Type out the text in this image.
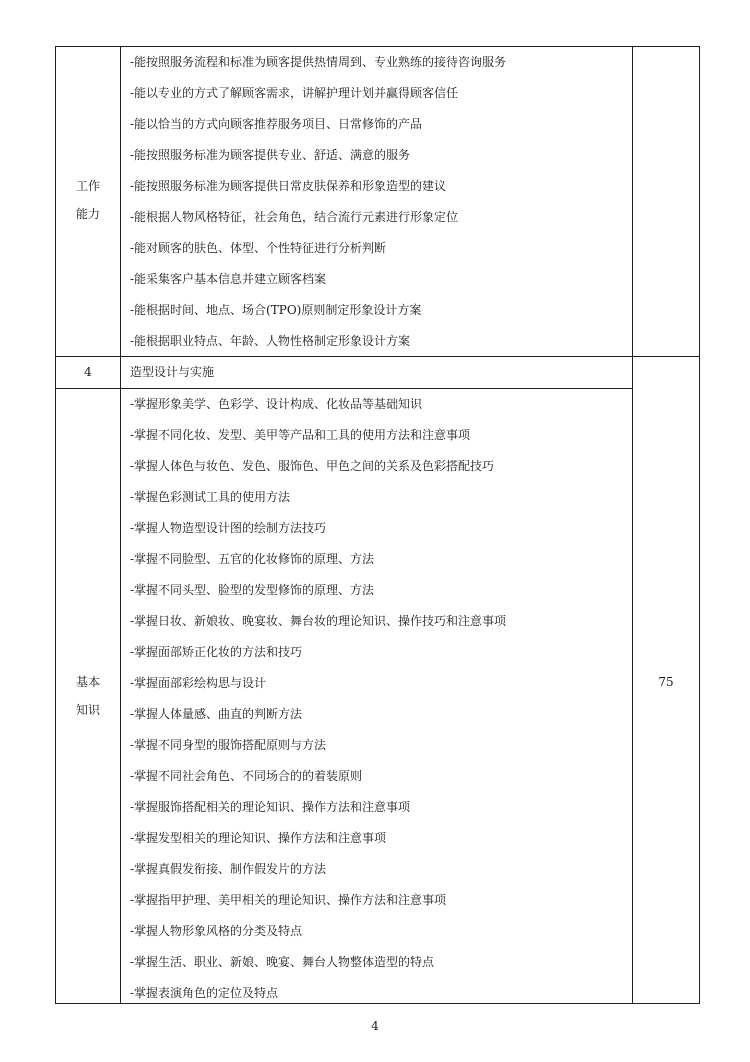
工作
能力
-能按照服务流程和标准为顾客提供热情周到、专业熟练的接待咨询服务
-能以专业的方式了解顾客需求，讲解护理计划并赢得顾客信任
-能以恰当的方式向顾客推荐服务项目、日常修饰的产品
-能按照服务标准为顾客提供专业、舒适、满意的服务
-能按照服务标准为顾客提供日常皮肤保养和形象造型的建议
-能根据人物风格特征，社会角色，结合流行元素进行形象定位
-能对顾客的肤色、体型、个性特征进行分析判断
-能采集客户基本信息并建立顾客档案
-能根据时间、地点、场合(TPO)原则制定形象设计方案
-能根据职业特点、年龄、人物性格制定形象设计方案
4	造型设计与实施
75
基本
知识
-掌握形象美学、色彩学、设计构成、化妆品等基础知识
-掌握不同化妆、发型、美甲等产品和工具的使用方法和注意事项
-掌握人体色与妆色、发色、服饰色、甲色之间的关系及色彩搭配技巧
-掌握色彩测试工具的使用方法
-掌握人物造型设计图的绘制方法技巧
-掌握不同脸型、五官的化妆修饰的原理、方法
-掌握不同头型、脸型的发型修饰的原理、方法
-掌握日妆、新娘妆、晚宴妆、舞台妆的理论知识、操作技巧和注意事项
-掌握面部矫正化妆的方法和技巧
-掌握面部彩绘构思与设计
-掌握人体量感、曲直的判断方法
-掌握不同身型的服饰搭配原则与方法
-掌握不同社会角色、不同场合的的着装原则
-掌握服饰搭配相关的理论知识、操作方法和注意事项
-掌握发型相关的理论知识、操作方法和注意事项
-掌握真假发衔接、制作假发片的方法
-掌握指甲护理、美甲相关的理论知识、操作方法和注意事项
-掌握人物形象风格的分类及特点
-掌握生活、职业、新娘、晚宴、舞台人物整体造型的特点
-掌握表演角色的定位及特点
4
